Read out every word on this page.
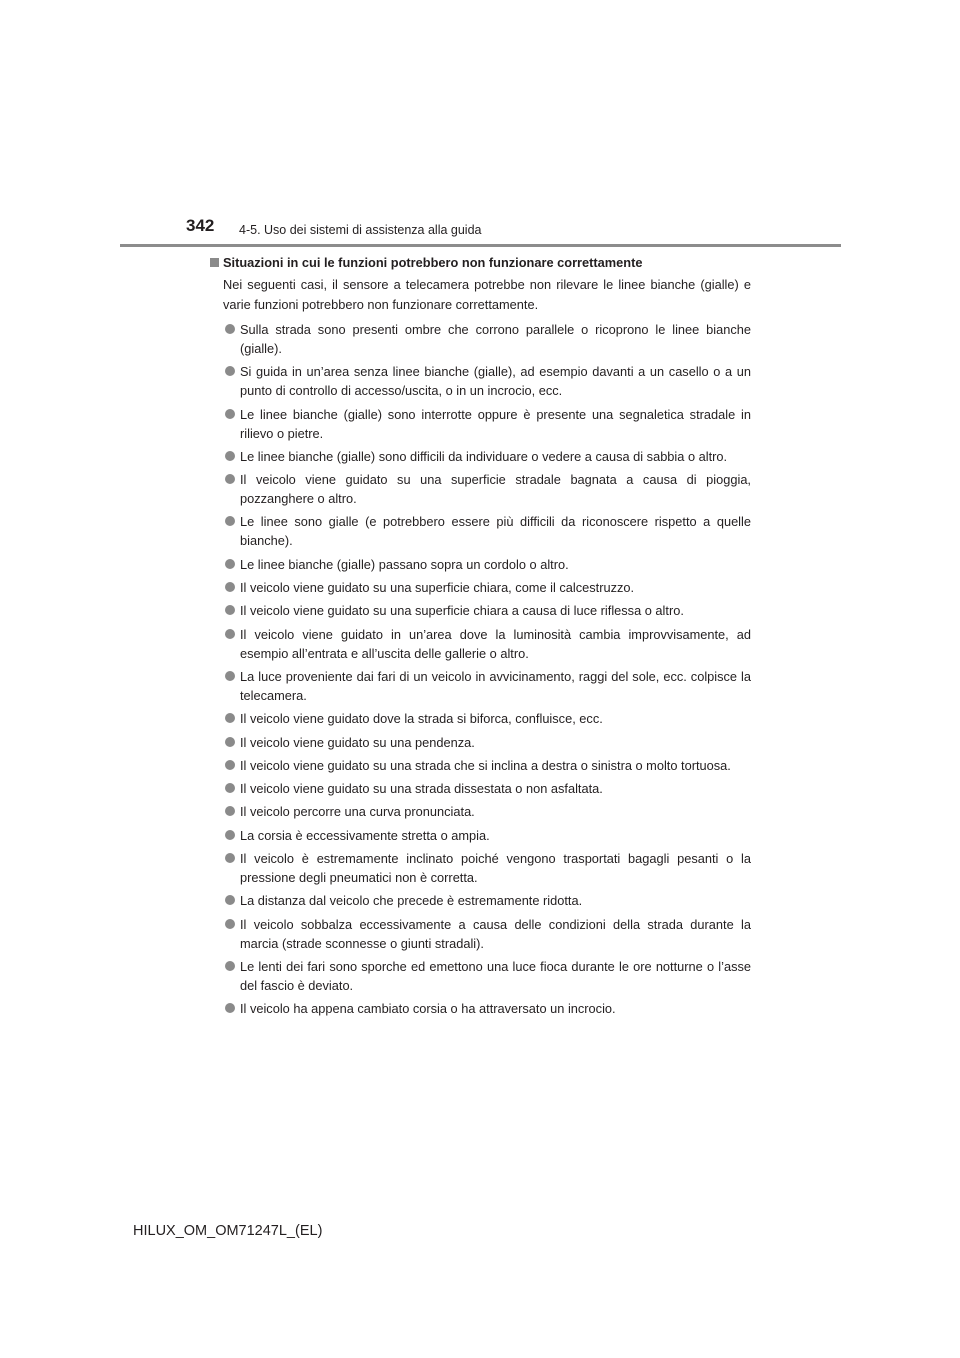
342 4-5. Uso dei sistemi di assistenza alla guida
Situazioni in cui le funzioni potrebbero non funzionare correttamente

Nei seguenti casi, il sensore a telecamera potrebbe non rilevare le linee bianche (gialle) e varie funzioni potrebbero non funzionare correttamente.

Sulla strada sono presenti ombre che corrono parallele o ricoprono le linee bianche (gialle).
Si guida in un’area senza linee bianche (gialle), ad esempio davanti a un casello o a un punto di controllo di accesso/uscita, o in un incrocio, ecc.
Le linee bianche (gialle) sono interrotte oppure è presente una segnaletica stradale in rilievo o pietre.
Le linee bianche (gialle) sono difficili da individuare o vedere a causa di sabbia o altro.
Il veicolo viene guidato su una superficie stradale bagnata a causa di pioggia, pozzanghere o altro.
Le linee sono gialle (e potrebbero essere più difficili da riconoscere rispetto a quelle bianche).
Le linee bianche (gialle) passano sopra un cordolo o altro.
Il veicolo viene guidato su una superficie chiara, come il calcestruzzo.
Il veicolo viene guidato su una superficie chiara a causa di luce riflessa o altro.
Il veicolo viene guidato in un’area dove la luminosità cambia improvvisamente, ad esempio all’entrata e all’uscita delle gallerie o altro.
La luce proveniente dai fari di un veicolo in avvicinamento, raggi del sole, ecc. colpisce la telecamera.
Il veicolo viene guidato dove la strada si biforca, confluisce, ecc.
Il veicolo viene guidato su una pendenza.
Il veicolo viene guidato su una strada che si inclina a destra o sinistra o molto tortuosa.
Il veicolo viene guidato su una strada dissestata o non asfaltata.
Il veicolo percorre una curva pronunciata.
La corsia è eccessivamente stretta o ampia.
Il veicolo è estremamente inclinato poiché vengono trasportati bagagli pesanti o la pressione degli pneumatici non è corretta.
La distanza dal veicolo che precede è estremamente ridotta.
Il veicolo sobbalza eccessivamente a causa delle condizioni della strada durante la marcia (strade sconnesse o giunti stradali).
Le lenti dei fari sono sporche ed emettono una luce fioca durante le ore notturne o l’asse del fascio è deviato.
Il veicolo ha appena cambiato corsia o ha attraversato un incrocio.
HILUX_OM_OM71247L_(EL)
